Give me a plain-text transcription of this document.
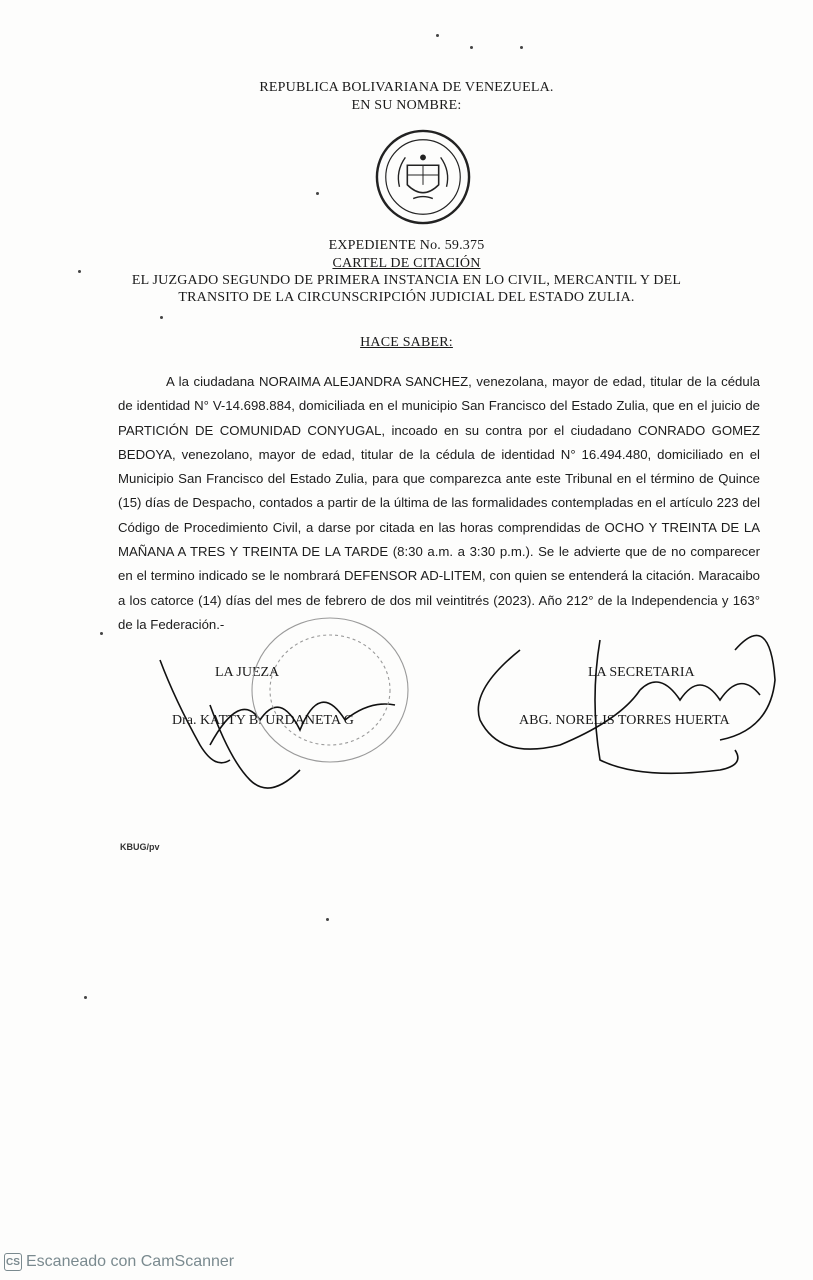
REPUBLICA BOLIVARIANA DE VENEZUELA.
EN SU NOMBRE:
EXPEDIENTE No. 59.375
CARTEL DE CITACIÓN
EL JUZGADO SEGUNDO DE PRIMERA INSTANCIA EN LO CIVIL, MERCANTIL Y DEL
TRANSITO DE LA CIRCUNSCRIPCIÓN JUDICIAL DEL ESTADO ZULIA.
HACE SABER:
A la ciudadana NORAIMA ALEJANDRA SANCHEZ, venezolana, mayor de edad, titular de la cédula de identidad N° V-14.698.884, domiciliada en el municipio San Francisco del Estado Zulia, que en el juicio de PARTICIÓN DE COMUNIDAD CONYUGAL, incoado en su contra por el ciudadano CONRADO GOMEZ BEDOYA, venezolano, mayor de edad, titular de la cédula de identidad N° 16.494.480, domiciliado en el Municipio San Francisco del Estado Zulia, para que comparezca ante este Tribunal en el término de Quince (15) días de Despacho, contados a partir de la última de las formalidades contempladas en el artículo 223 del Código de Procedimiento Civil, a darse por citada en las horas comprendidas de OCHO Y TREINTA DE LA MAÑANA A TRES Y TREINTA DE LA TARDE (8:30 a.m. a 3:30 p.m.). Se le advierte que de no comparecer en el termino indicado se le nombrará DEFENSOR AD-LITEM, con quien se entenderá la citación. Maracaibo a los catorce (14) días del mes de febrero de dos mil veintitrés (2023). Año 212° de la Independencia y 163° de la Federación.-
LA JUEZA
Dra. KATTY B. URDANETA G
LA SECRETARIA
ABG. NORELIS TORRES HUERTA
KBUG/pv
CS Escaneado con CamScanner
